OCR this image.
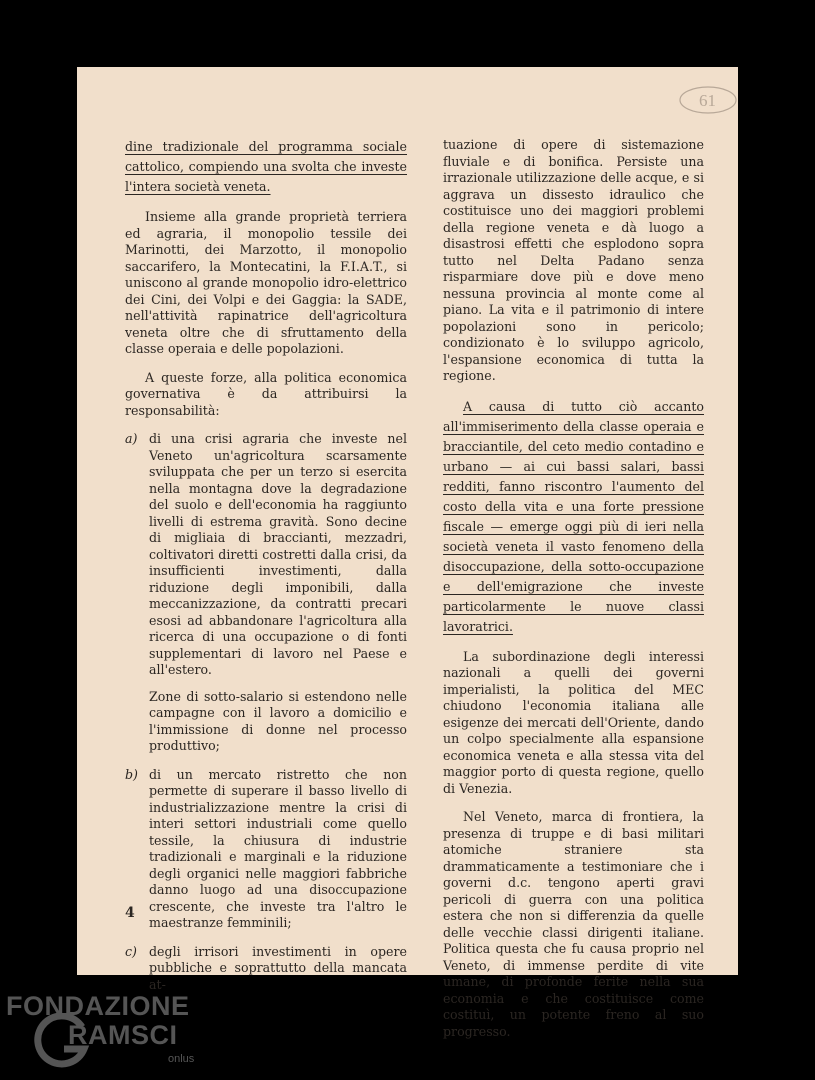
61

dine tradizionale del programma sociale cattolico, compiendo una svolta che investe l'intera società veneta.

Insieme alla grande proprietà terriera ed agraria, il monopolio tessile dei Marinotti, dei Marzotto, il monopolio saccarifero, la Montecatini, la F.I.A.T., si uniscono al grande monopolio idro-elettrico dei Cini, dei Volpi e dei Gaggia: la SADE, nell'attività rapinatrice dell'agricoltura veneta oltre che di sfruttamento della classe operaia e delle popolazioni.

A queste forze, alla politica economica governativa è da attribuirsi la responsabilità:

a) di una crisi agraria che investe nel Veneto un'agricoltura scarsamente sviluppata che per un terzo si esercita nella montagna dove la degradazione del suolo e dell'economia ha raggiunto livelli di estrema gravità. Sono decine di migliaia di braccianti, mezzadri, coltivatori diretti costretti dalla crisi, da insufficienti investimenti, dalla riduzione degli imponibili, dalla meccanizzazione, da contratti precari esosi ad abbandonare l'agricoltura alla ricerca di una occupazione o di fonti supplementari di lavoro nel Paese e all'estero.

Zone di sotto-salario si estendono nelle campagne con il lavoro a domicilio e l'immissione di donne nel processo produttivo;

b) di un mercato ristretto che non permette di superare il basso livello di industrializzazione mentre la crisi di interi settori industriali come quello tessile, la chiusura di industrie tradizionali e marginali e la riduzione degli organici nelle maggiori fabbriche danno luogo ad una disoccupazione crescente, che investe tra l'altro le maestranze femminili;
c) degli irrisori investimenti in opere pubbliche e soprattutto della mancata at-

tuazione di opere di sistemazione fluviale e di bonifica. Persiste una irrazionale utilizzazione delle acque, e si aggrava un dissesto idraulico che costituisce uno dei maggiori problemi della regione veneta e dà luogo a disastrosi effetti che esplodono sopra tutto nel Delta Padano senza risparmiare dove più e dove meno nessuna provincia al monte come al piano. La vita e il patrimonio di intere popolazioni sono in pericolo; condizionato è lo sviluppo agricolo, l'espansione economica di tutta la regione.

A causa di tutto ciò accanto all'immiserimento della classe operaia e bracciantile, del ceto medio contadino e urbano — ai cui bassi salari, bassi redditi, fanno riscontro l'aumento del costo della vita e una forte pressione fiscale — emerge oggi più di ieri nella società veneta il vasto fenomeno della disoccupazione, della sotto-occupazione e dell'emigrazione che investe particolarmente le nuove classi lavoratrici.

La subordinazione degli interessi nazionali a quelli dei governi imperialisti, la politica del MEC chiudono l'economia italiana alle esigenze dei mercati dell'Oriente, dando un colpo specialmente alla espansione economica veneta e alla stessa vita del maggior porto di questa regione, quello di Venezia.

Nel Veneto, marca di frontiera, la presenza di truppe e di basi militari atomiche straniere sta drammaticamente a testimoniare che i governi d.c. tengono aperti gravi pericoli di guerra con una politica estera che non si differenzia da quelle delle vecchie classi dirigenti italiane. Politica questa che fu causa proprio nel Veneto, di immense perdite di vite umane, di profonde ferite nella sua economia e che costituisce come costituì, un potente freno al suo progresso.

4
FONDAZIONE
RAMSCI
onlus
